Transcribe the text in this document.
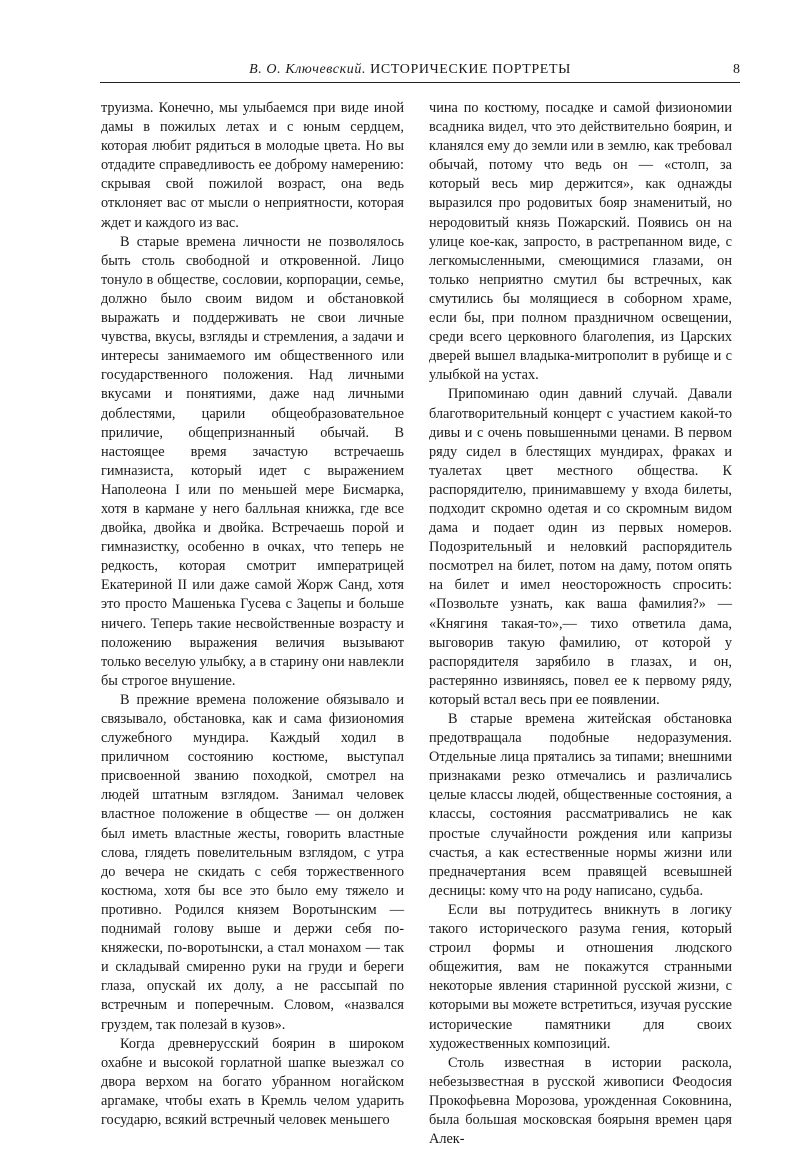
В. О. Ключевский. ИСТОРИЧЕСКИЕ ПОРТРЕТЫ	8

труизма. Конечно, мы улыбаемся при виде иной дамы в пожилых летах и с юным сердцем, которая любит рядиться в молодые цвета. Но вы отдадите справедливость ее доброму намерению: скрывая свой пожилой возраст, она ведь отклоняет вас от мысли о неприятности, которая ждет и каждого из вас.

В старые времена личности не позволялось быть столь свободной и откровенной. Лицо тонуло в обществе, сословии, корпорации, семье, должно было своим видом и обстановкой выражать и поддерживать не свои личные чувства, вкусы, взгляды и стремления, а задачи и интересы занимаемого им общественного или государственного положения. Над личными вкусами и понятиями, даже над личными доблестями, царили общеобразовательное приличие, общепризнанный обычай. В настоящее время зачастую встречаешь гимназиста, который идет с выражением Наполеона I или по меньшей мере Бисмарка, хотя в кармане у него балльная книжка, где все двойка, двойка и двойка. Встречаешь порой и гимназистку, особенно в очках, что теперь не редкость, которая смотрит императрицей Екатериной II или даже самой Жорж Санд, хотя это просто Машенька Гусева с Зацепы и больше ничего. Теперь такие несвойственные возрасту и положению выражения величия вызывают только веселую улыбку, а в старину они навлекли бы строгое внушение.

В прежние времена положение обязывало и связывало, обстановка, как и сама физиономия служебного мундира. Каждый ходил в приличном состоянию костюме, выступал присвоенной званию походкой, смотрел на людей штатным взглядом. Занимал человек властное положение в обществе — он должен был иметь властные жесты, говорить властные слова, глядеть повелительным взглядом, с утра до вечера не скидать с себя торжественного костюма, хотя бы все это было ему тяжело и противно. Родился князем Воротынским — поднимай голову выше и держи себя по-княжески, по-воротынски, а стал монахом — так и складывай смиренно руки на груди и береги глаза, опускай их долу, а не рассыпай по встречным и поперечным. Словом, «назвался груздем, так полезай в кузов».

Когда древнерусский боярин в широком охабне и высокой горлатной шапке выезжал со двора верхом на богато убранном ногайском аргамаке, чтобы ехать в Кремль челом ударить государю, всякий встречный человек меньшего

чина по костюму, посадке и самой физиономии всадника видел, что это действительно боярин, и кланялся ему до земли или в землю, как требовал обычай, потому что ведь он — «столп, за который весь мир держится», как однажды выразился про родовитых бояр знаменитый, но неродовитый князь Пожарский. Появись он на улице кое-как, запросто, в растрепанном виде, с легкомысленными, смеющимися глазами, он только неприятно смутил бы встречных, как смутились бы молящиеся в соборном храме, если бы, при полном праздничном освещении, среди всего церковного благолепия, из Царских дверей вышел владыка-митрополит в рубище и с улыбкой на устах.

Припоминаю один давний случай. Давали благотворительный концерт с участием какой-то дивы и с очень повышенными ценами. В первом ряду сидел в блестящих мундирах, фраках и туалетах цвет местного общества. К распорядителю, принимавшему у входа билеты, подходит скромно одетая и со скромным видом дама и подает один из первых номеров. Подозрительный и неловкий распорядитель посмотрел на билет, потом на даму, потом опять на билет и имел неосторожность спросить: «Позвольте узнать, как ваша фамилия?» — «Княгиня такая-то»,— тихо ответила дама, выговорив такую фамилию, от которой у распорядителя зарябило в глазах, и он, растерянно извиняясь, повел ее к первому ряду, который встал весь при ее появлении.

В старые времена житейская обстановка предотвращала подобные недоразумения. Отдельные лица прятались за типами; внешними признаками резко отмечались и различались целые классы людей, общественные состояния, а классы, состояния рассматривались не как простые случайности рождения или капризы счастья, а как естественные нормы жизни или предначертания всем правящей всевышней десницы: кому что на роду написано, судьба.

Если вы потрудитесь вникнуть в логику такого исторического разума гения, который строил формы и отношения людского общежития, вам не покажутся странными некоторые явления старинной русской жизни, с которыми вы можете встретиться, изучая русские исторические памятники для своих художественных композиций.

Столь известная в истории раскола, небезызвестная в русской живописи Феодосия Прокофьевна Морозова, урожденная Соковнина, была большая московская боярыня времен царя Алек-
